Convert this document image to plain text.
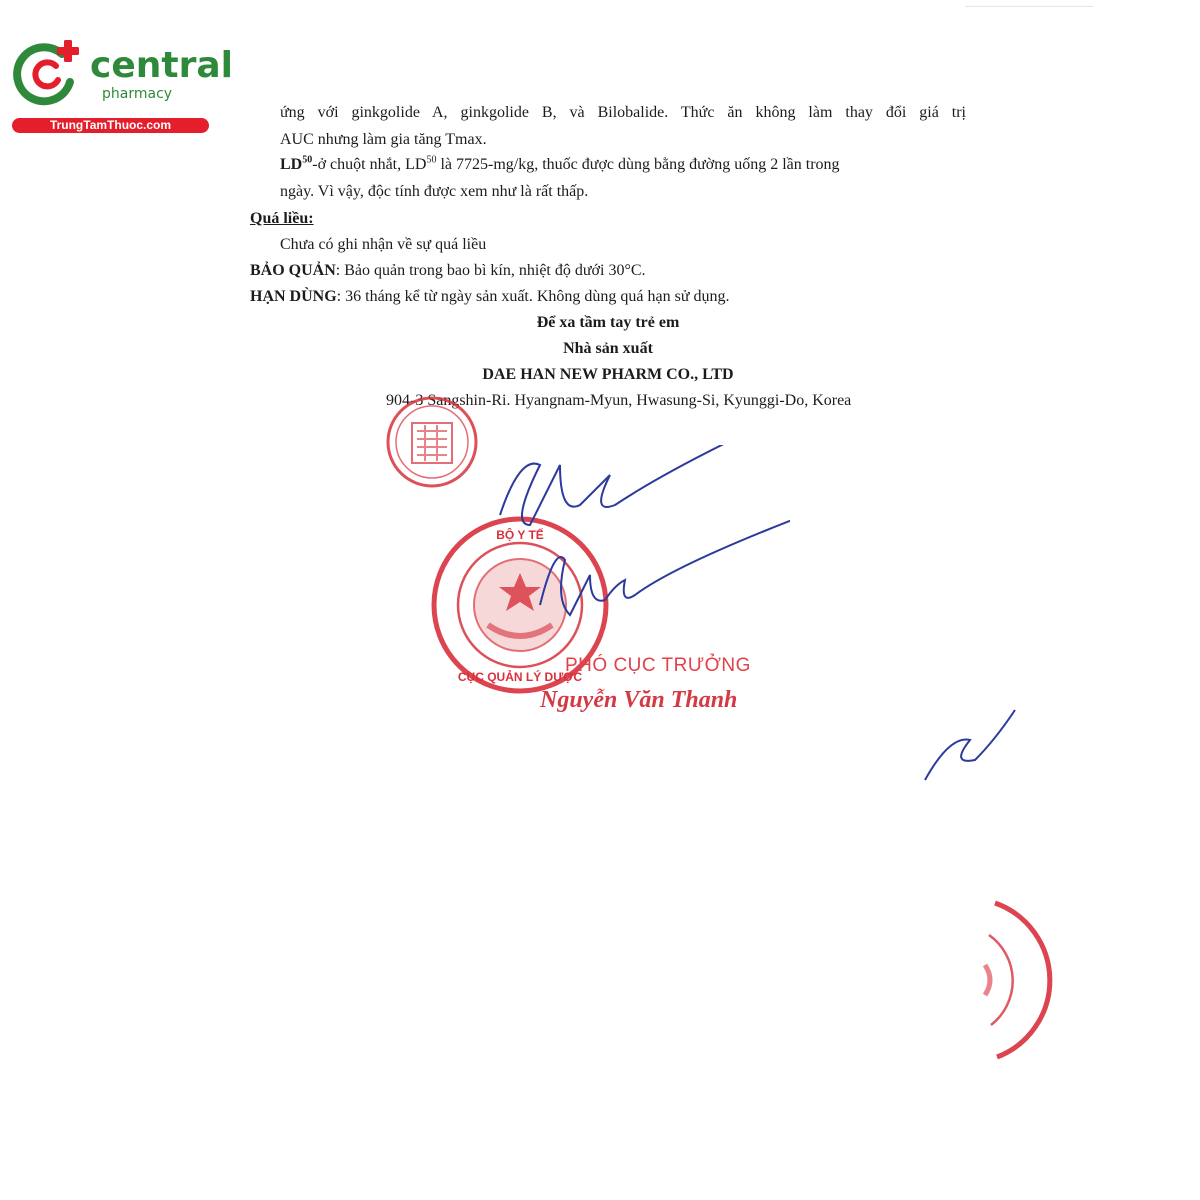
central
pharmacy
TrungTamThuoc.com
ứng với ginkgolide A, ginkgolide B, và Bilobalide. Thức ăn không làm thay đổi giá trị
AUC nhưng làm gia tăng Tmax.
LD$^{50}$-ở chuột nhắt, LD$^{50}$ là 7725-mg/kg, thuốc được dùng bằng đường uống 2 lần trong
ngày. Vì vậy, độc tính được xem như là rất thấp.
Quá liều:
Chưa có ghi nhận về sự quá liều
BẢO QUẢN: Bảo quản trong bao bì kín, nhiệt độ dưới 30°C.
HẠN DÙNG: 36 tháng kể từ ngày sản xuất. Không dùng quá hạn sử dụng.
Để xa tầm tay trẻ em
Nhà sản xuất
DAE HAN NEW PHARM CO., LTD
904-3 Sangshin-Ri. Hyangnam-Myun, Hwasung-Si, Kyunggi-Do, Korea
BỘ Y TẾ
CỤC QUẢN LÝ DƯỢC
PHÓ CỤC TRƯỞNG
Nguyễn Văn Thanh
